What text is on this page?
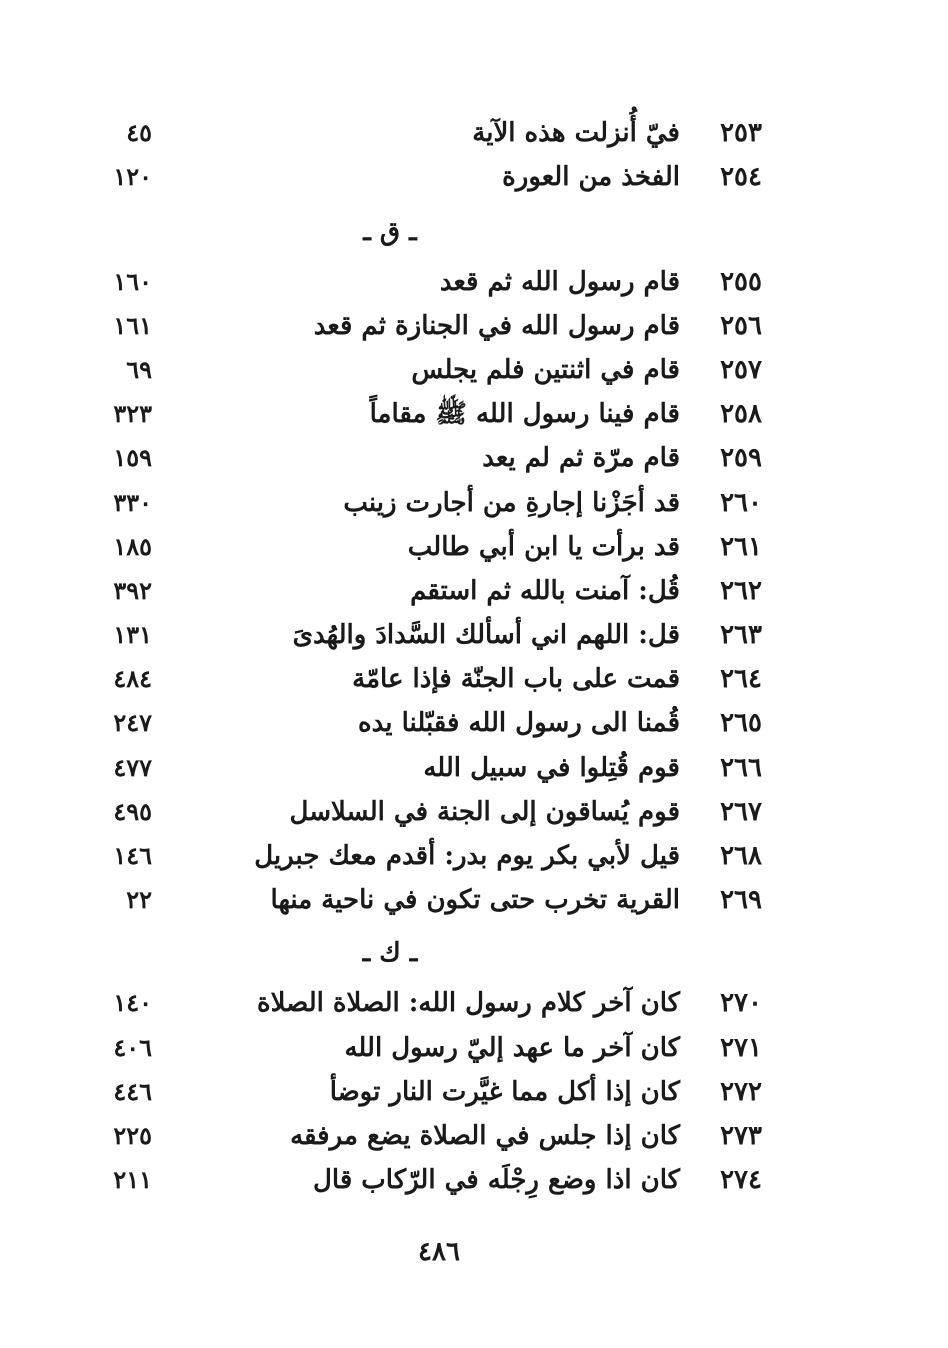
٢٥٣
فيّ أُنزلت هذه الآية
٤٥
٢٥٤
الفخذ من العورة
١٢٠
ـ ق ـ
٢٥٥
قام رسول الله ثم قعد
١٦٠
٢٥٦
قام رسول الله في الجنازة ثم قعد
١٦١
٢٥٧
قام في اثنتين فلم يجلس
٦٩
٢٥٨
قام فينا رسول الله ﷺ مقاماً
٣٢٣
٢٥٩
قام مرّة ثم لم يعد
١٥٩
٢٦٠
قد أجَزْنا إجارةِ من أجارت زينب
٣٣٠
٢٦١
قد برأت يا ابن أبي طالب
١٨٥
٢٦٢
قُل: آمنت بالله ثم استقم
٣٩٢
٢٦٣
قل: اللهم اني أسألك السَّدادَ والهُدىَ
١٣١
٢٦٤
قمت على باب الجنّة فإذا عامّة
٤٨٤
٢٦٥
قُمنا الى رسول الله فقبّلنا يده
٢٤٧
٢٦٦
قوم قُتِلوا في سبيل الله
٤٧٧
٢٦٧
قوم يُساقون إلى الجنة في السلاسل
٤٩٥
٢٦٨
قيل لأبي بكر يوم بدر: أقدم معك جبريل
١٤٦
٢٦٩
القرية تخرب حتى تكون في ناحية منها
٢٢
ـ ك ـ
٢٧٠
كان آخر كلام رسول الله: الصلاة الصلاة
١٤٠
٢٧١
كان آخر ما عهد إليّ رسول الله
٤٠٦
٢٧٢
كان إذا أكل مما غيَّرت النار توضأ
٤٤٦
٢٧٣
كان إذا جلس في الصلاة يضع مرفقه
٢٢٥
٢٧٤
كان اذا وضع رِجْلَه في الرّكاب قال
٢١١
٤٨٦
